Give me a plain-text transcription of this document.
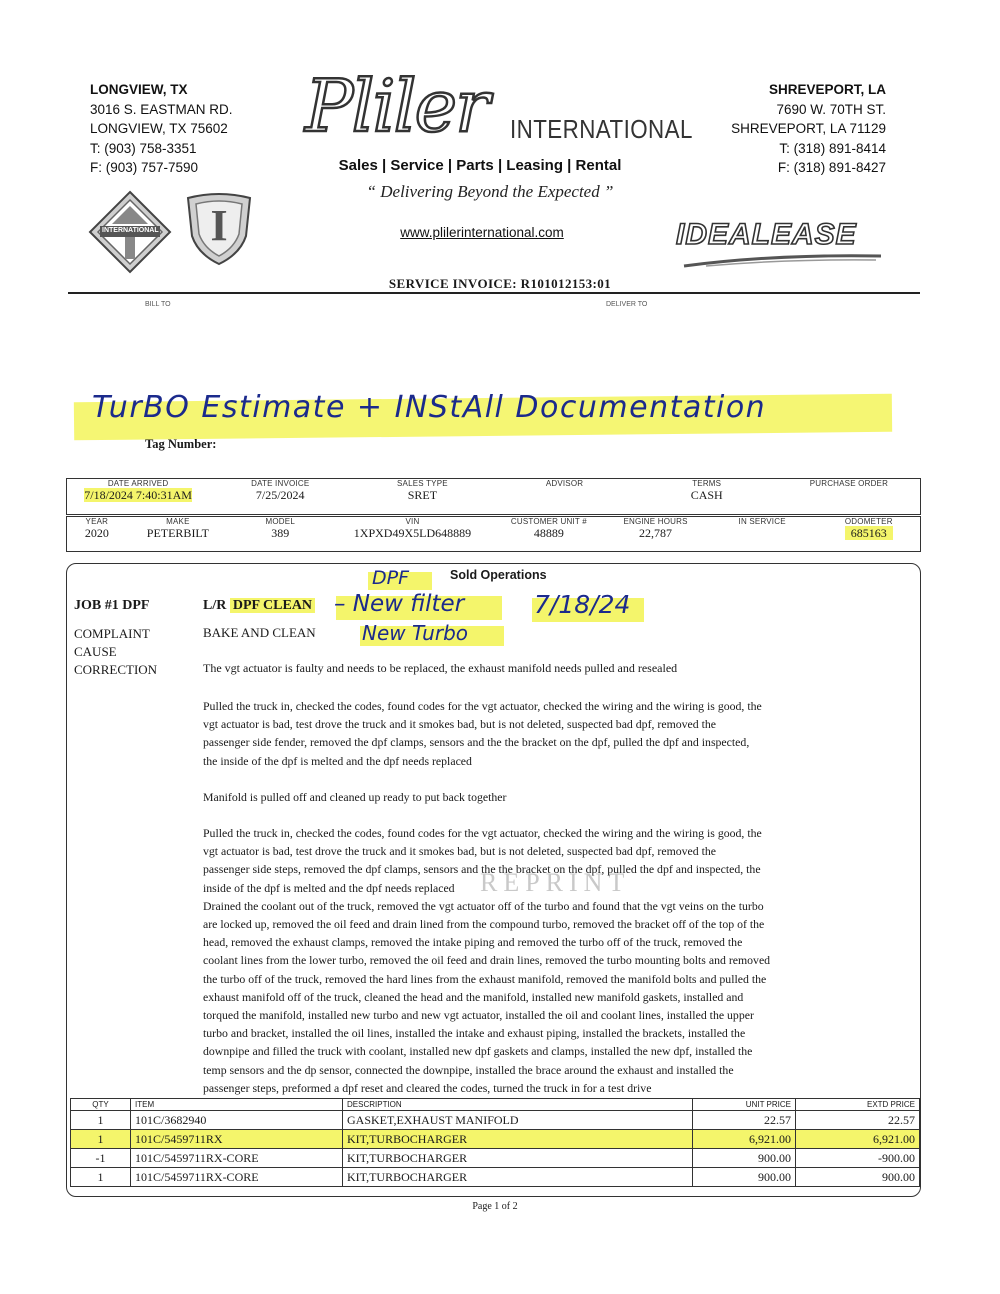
LONGVIEW, TX
3016 S. EASTMAN RD.
LONGVIEW, TX 75602
T: (903) 758-3351
F: (903) 757-7590
SHREVEPORT, LA
7690 W. 70TH ST.
SHREVEPORT, LA 71129
T: (318) 891-8414
F: (318) 891-8427
Pliler INTERNATIONAL
Sales | Service | Parts | Leasing | Rental
“ Delivering Beyond the Expected ”
www.plilerinternational.com
INTERNATIONAL	I	IDEALEASE
SERVICE INVOICE: R101012153:01
BILL TO	DELIVER TO
TurBO Estimate + INStAll Documentation
Tag Number:
DATE ARRIVED	DATE INVOICE	SALES TYPE	ADVISOR	TERMS	PURCHASE ORDER
7/18/2024 7:40:31AM	7/25/2024	SRET		CASH	
YEAR	MAKE	MODEL	VIN	CUSTOMER UNIT #	ENGINE HOURS	IN SERVICE	ODOMETER
2020	PETERBILT	389	1XPXD49X5LD648889	48889	22,787		685163
Sold Operations
JOB #1 DPF	L/R DPF CLEAN
DPF
– New filter
New Turbo
7/18/24
COMPLAINT
CAUSE
CORRECTION
BAKE AND CLEAN
The vgt actuator is faulty and needs to be replaced, the exhaust manifold needs pulled and resealed
Pulled the truck in, checked the codes, found codes for the vgt actuator, checked the wiring and the wiring is good, the
vgt actuator is bad, test drove the truck and it smokes bad, but is not deleted, suspected bad dpf, removed the
passenger side fender, removed the dpf clamps, sensors and the the bracket on the dpf, pulled the dpf and inspected,
the inside of the dpf is melted and the dpf needs replaced
Manifold is pulled off and cleaned up ready to put back together
REPRINT
Pulled the truck in, checked the codes, found codes for the vgt actuator, checked the wiring and the wiring is good, the
vgt actuator is bad, test drove the truck and it smokes bad, but is not deleted, suspected bad dpf, removed the
passenger side steps, removed the dpf clamps, sensors and the the bracket on the dpf, pulled the dpf and inspected, the
inside of the dpf is melted and the dpf needs replaced
Drained the coolant out of the truck, removed the vgt actuator off of the turbo and found that the vgt veins on the turbo
are locked up, removed the oil feed and drain lined from the compound turbo, removed the bracket off of the top of the
head, removed the exhaust clamps, removed the intake piping and removed the turbo off of the truck, removed the
coolant lines from the lower turbo, removed the oil feed and drain lines, removed the turbo mounting bolts and removed
the turbo off of the truck, removed the hard lines from the exhaust manifold, removed the manifold bolts and pulled the
exhaust manifold off of the truck, cleaned the head and the manifold, installed new manifold gaskets, installed and
torqued the manifold, installed new turbo and new vgt actuator, installed the oil and coolant lines, installed the upper
turbo and bracket, installed the oil lines, installed the intake and exhaust piping, installed the brackets, installed the
downpipe and filled the truck with coolant, installed new dpf gaskets and clamps, installed the new dpf, installed the
temp sensors and the dp sensor, connected the downpipe, installed the brace around the exhaust and installed the
passenger steps, preformed a dpf reset and cleared the codes, turned the truck in for a test drive
QTY	ITEM	DESCRIPTION	UNIT PRICE	EXTD PRICE
1	101C/3682940	GASKET,EXHAUST MANIFOLD	22.57	22.57
1	101C/5459711RX	KIT,TURBOCHARGER	6,921.00	6,921.00
-1	101C/5459711RX-CORE	KIT,TURBOCHARGER	900.00	-900.00
1	101C/5459711RX-CORE	KIT,TURBOCHARGER	900.00	900.00
Page 1 of 2
